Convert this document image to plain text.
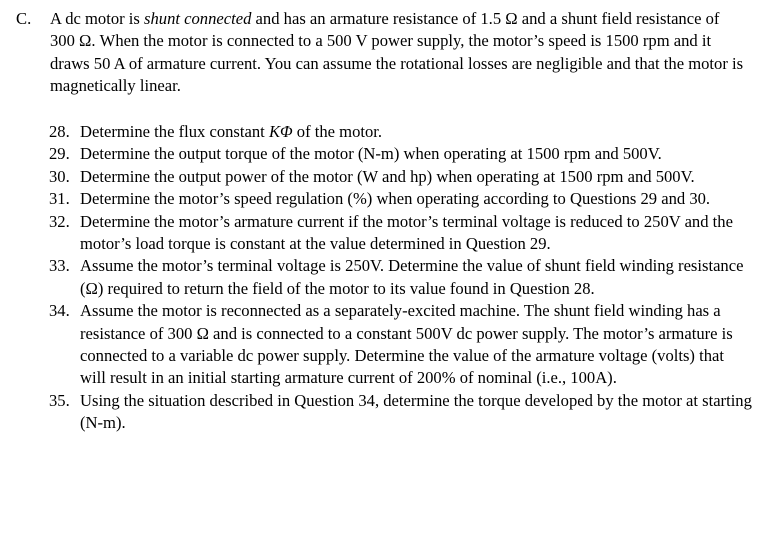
C.	A dc motor is shunt connected and has an armature resistance of 1.5 Ω and a shunt field resistance of 300 Ω. When the motor is connected to a 500 V power supply, the motor’s speed is 1500 rpm and it draws 50 A of armature current. You can assume the rotational losses are negligible and that the motor is magnetically linear.
28. Determine the flux constant KΦ of the motor.
29. Determine the output torque of the motor (N-m) when operating at 1500 rpm and 500V.
30. Determine the output power of the motor (W and hp) when operating at 1500 rpm and 500V.
31. Determine the motor’s speed regulation (%) when operating according to Questions 29 and 30.
32. Determine the motor’s armature current if the motor’s terminal voltage is reduced to 250V and the motor’s load torque is constant at the value determined in Question 29.
33. Assume the motor’s terminal voltage is 250V. Determine the value of shunt field winding resistance (Ω) required to return the field of the motor to its value found in Question 28.
34. Assume the motor is reconnected as a separately-excited machine. The shunt field winding has a resistance of 300 Ω and is connected to a constant 500V dc power supply. The motor’s armature is connected to a variable dc power supply. Determine the value of the armature voltage (volts) that will result in an initial starting armature current of 200% of nominal (i.e., 100A).
35. Using the situation described in Question 34, determine the torque developed by the motor at starting (N-m).
